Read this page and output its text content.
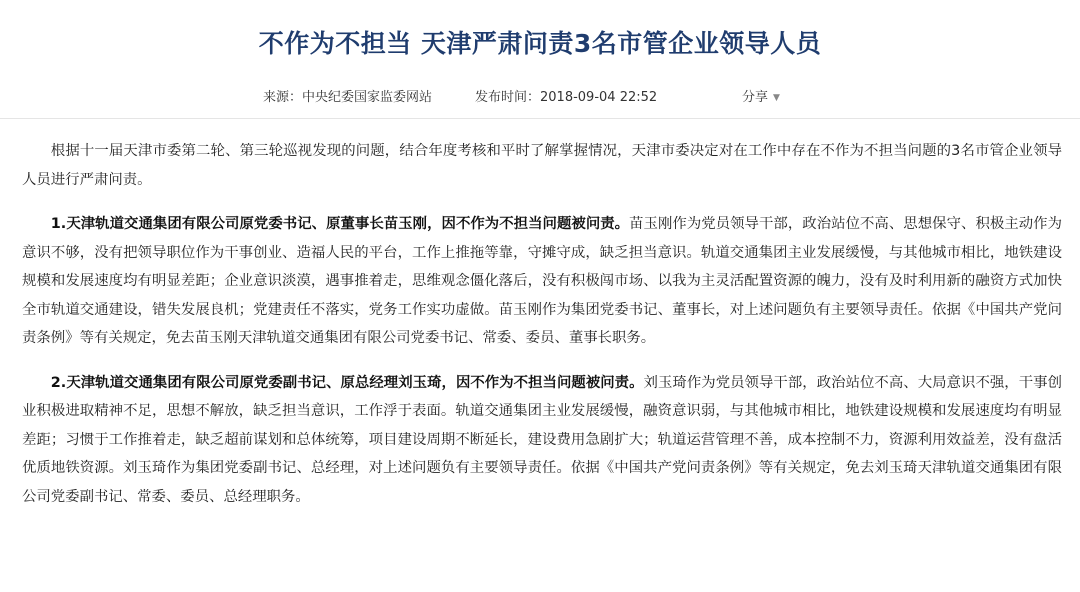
不作为不担当 天津严肃问责3名市管企业领导人员
来源：中央纪委国家监委网站	发布时间：2018-09-04 22:52	分享 ▼

根据十一届天津市委第二轮、第三轮巡视发现的问题，结合年度考核和平时了解掌握情况，天津市委决定对在工作中存在不作为不担当问题的3名市管企业领导人员进行严肃问责。

1.天津轨道交通集团有限公司原党委书记、原董事长苗玉刚，因不作为不担当问题被问责。苗玉刚作为党员领导干部，政治站位不高、思想保守、积极主动作为意识不够，没有把领导职位作为干事创业、造福人民的平台，工作上推拖等靠，守摊守成，缺乏担当意识。轨道交通集团主业发展缓慢，与其他城市相比，地铁建设规模和发展速度均有明显差距；企业意识淡漠，遇事推着走，思维观念僵化落后，没有积极闯市场、以我为主灵活配置资源的魄力，没有及时利用新的融资方式加快全市轨道交通建设，错失发展良机；党建责任不落实，党务工作实功虚做。苗玉刚作为集团党委书记、董事长，对上述问题负有主要领导责任。依据《中国共产党问责条例》等有关规定，免去苗玉刚天津轨道交通集团有限公司党委书记、常委、委员、董事长职务。

2.天津轨道交通集团有限公司原党委副书记、原总经理刘玉琦，因不作为不担当问题被问责。刘玉琦作为党员领导干部，政治站位不高、大局意识不强，干事创业积极进取精神不足，思想不解放，缺乏担当意识，工作浮于表面。轨道交通集团主业发展缓慢，融资意识弱，与其他城市相比，地铁建设规模和发展速度均有明显差距；习惯于工作推着走，缺乏超前谋划和总体统筹，项目建设周期不断延长，建设费用急剧扩大；轨道运营管理不善，成本控制不力，资源利用效益差，没有盘活优质地铁资源。刘玉琦作为集团党委副书记、总经理，对上述问题负有主要领导责任。依据《中国共产党问责条例》等有关规定，免去刘玉琦天津轨道交通集团有限公司党委副书记、常委、委员、总经理职务。
